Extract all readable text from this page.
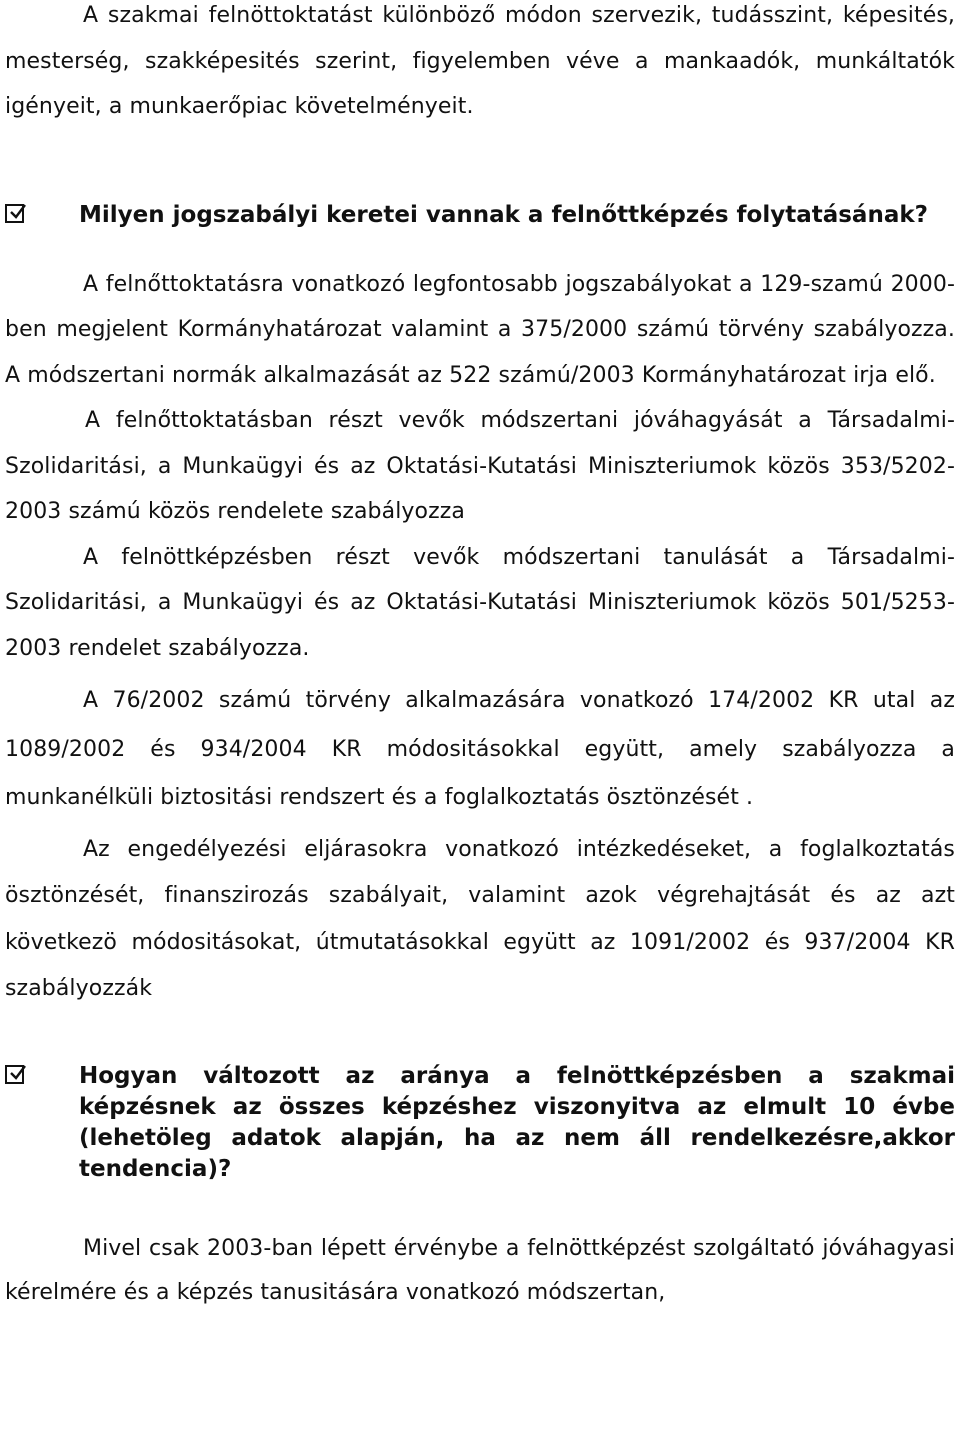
A szakmai felnöttoktatást különböző módon szervezik, tudásszint, képesités, mesterség, szakképesités szerint, figyelemben véve a mankaadók, munkáltatók igényeit, a munkaerőpiac követelményeit.

Milyen jogszabályi keretei vannak a felnőttképzés folytatásának?

A felnőttoktatásra vonatkozó legfontosabb jogszabályokat a 129-szamú 2000-ben megjelent Kormányhatározat valamint a 375/2000 számú törvény szabályozza. A módszertani normák alkalmazását az 522 számú/2003 Kormányhatározat irja elő.

A felnőttoktatásban részt vevők módszertani jóváhagyását a Társadalmi-Szolidaritási, a Munkaügyi és az Oktatási-Kutatási Miniszteriumok közös 353/5202-2003 számú közös rendelete szabályozza

A felnöttképzésben részt vevők módszertani tanulását a Társadalmi-Szolidaritási, a Munkaügyi és az Oktatási-Kutatási Miniszteriumok közös 501/5253-2003 rendelet szabályozza.

A 76/2002 számú törvény alkalmazására vonatkozó 174/2002 KR utal az 1089/2002 és 934/2004 KR módositásokkal együtt, amely szabályozza a munkanélküli biztositási rendszert és a foglalkoztatás ösztönzését .

Az engedélyezési eljárasokra vonatkozó intézkedéseket, a foglalkoztatás ösztönzését, finanszirozás szabályait, valamint azok végrehajtását és az azt következö módositásokat, útmutatásokkal együtt az 1091/2002 és 937/2004 KR szabályozzák

Hogyan változott az aránya a felnöttképzésben a szakmai képzésnek az összes képzéshez viszonyitva az elmult 10 évbe (lehetöleg adatok alapján, ha az nem áll rendelkezésre,akkor tendencia)?

Mivel csak 2003-ban lépett érvénybe a felnöttképzést szolgáltató jóváhagyasi kérelmére és a képzés tanusitására vonatkozó módszertan,
